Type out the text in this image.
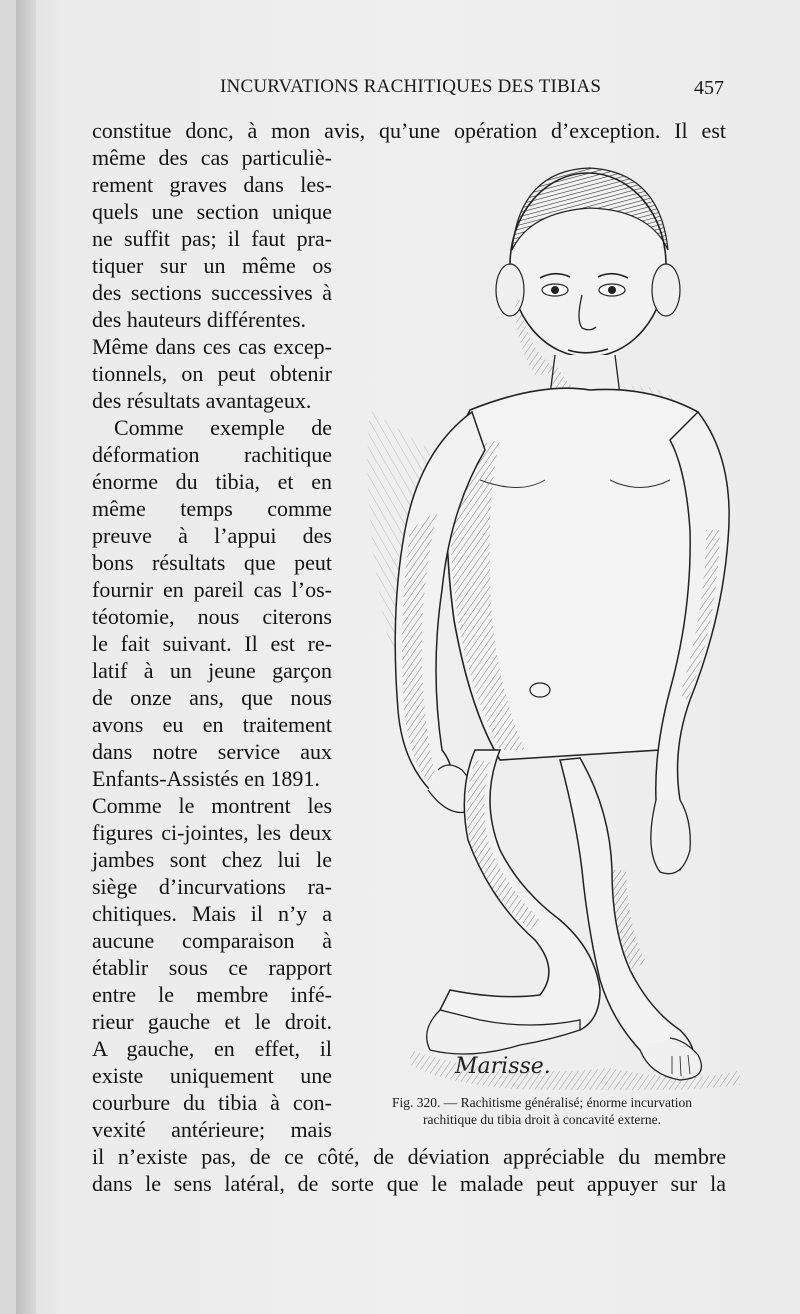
INCURVATIONS RACHITIQUES DES TIBIAS	457
constitue donc, à mon avis, qu’une opération d’exception. Il est
même des cas particuliè-
rement graves dans les-
quels une section unique
ne suffit pas; il faut pra-
tiquer sur un même os
des sections successives à
des hauteurs différentes.
Même dans ces cas excep-
tionnels, on peut obtenir
des résultats avantageux.
Comme exemple de
déformation rachitique
énorme du tibia, et en
même temps comme
preuve à l’appui des
bons résultats que peut
fournir en pareil cas l’os-
téotomie, nous citerons
le fait suivant. Il est re-
latif à un jeune garçon
de onze ans, que nous
avons eu en traitement
dans notre service aux
Enfants-Assistés en 1891.
Comme le montrent les
figures ci-jointes, les deux
jambes sont chez lui le
siège d’incurvations ra-
chitiques. Mais il n’y a
aucune comparaison à
établir sous ce rapport
entre le membre infé-
rieur gauche et le droit.
A gauche, en effet, il
existe uniquement une
courbure du tibia à con-
vexité antérieure; mais
il n’existe pas, de ce côté, de déviation appréciable du membre
dans le sens latéral, de sorte que le malade peut appuyer sur la
Marisse.
Fig. 320. — Rachitisme généralisé; énorme incurvation
rachitique du tibia droit à concavité externe.
